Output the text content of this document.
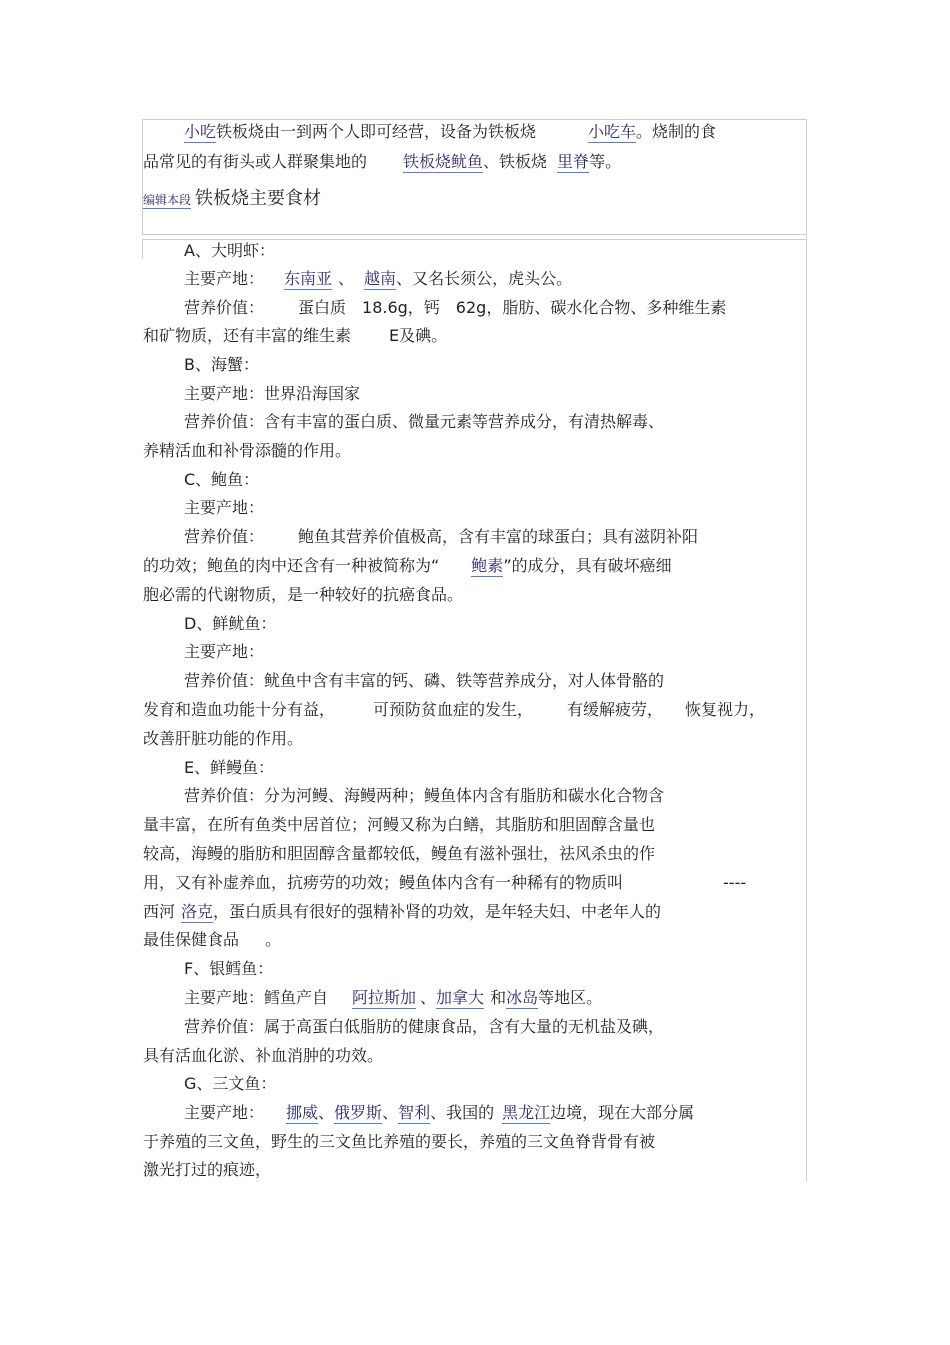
小吃铁板烧由一到两个人即可经营，设备为铁板烧	小吃车。烧制的食
品常见的有街头或人群聚集地的 铁板烧鱿鱼、铁板烧 里脊等。
编辑本段 铁板烧主要食材
A、大明虾：
主要产地： 东南亚 、 越南、又名长须公，虎头公。
营养价值： 蛋白质　18.6g，钙　62g，脂肪、碳水化合物、多种维生素
和矿物质，还有丰富的维生素 E及碘。
B、海蟹：
主要产地：世界沿海国家
营养价值：含有丰富的蛋白质、微量元素等营养成分，有清热解毒、
养精活血和补骨添髓的作用。
C、鲍鱼：
主要产地：
营养价值： 鲍鱼其营养价值极高，含有丰富的球蛋白；具有滋阴补阳
的功效；鲍鱼的肉中还含有一种被简称为“ 鲍素”的成分，具有破坏癌细
胞必需的代谢物质，是一种较好的抗癌食品。
D、鲜鱿鱼：
主要产地：
营养价值：鱿鱼中含有丰富的钙、磷、铁等营养成分，对人体骨骼的
发育和造血功能十分有益， 可预防贫血症的发生， 有缓解疲劳， 恢复视力，
改善肝脏功能的作用。
E、鲜鳗鱼：
营养价值：分为河鳗、海鳗两种；鳗鱼体内含有脂肪和碳水化合物含
量丰富，在所有鱼类中居首位；河鳗又称为白鳝，其脂肪和胆固醇含量也
较高，海鳗的脂肪和胆固醇含量都较低，鳗鱼有滋补强壮，祛风杀虫的作
用，又有补虚养血，抗痨劳的功效；鳗鱼体内含有一种稀有的物质叫	----
西河 洛克，蛋白质具有很好的强精补肾的功效，是年轻夫妇、中老年人的
最佳保健食品 。
F、银鳕鱼：
主要产地：鳕鱼产自 阿拉斯加 、加拿大 和冰岛等地区。
营养价值：属于高蛋白低脂肪的健康食品，含有大量的无机盐及碘，
具有活血化淤、补血消肿的功效。
G、三文鱼：
主要产地： 挪威、俄罗斯、智利、我国的 黑龙江边境，现在大部分属
于养殖的三文鱼，野生的三文鱼比养殖的要长，养殖的三文鱼脊背骨有被
激光打过的痕迹，
